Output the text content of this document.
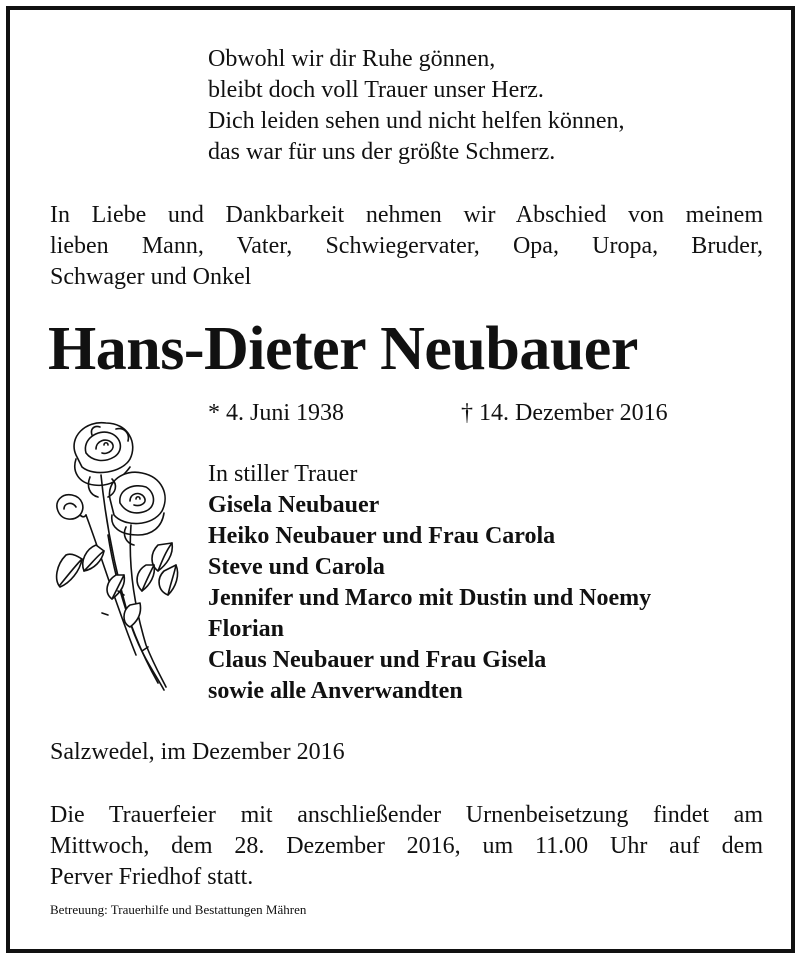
Obwohl wir dir Ruhe gönnen,
bleibt doch voll Trauer unser Herz.
Dich leiden sehen und nicht helfen können,
das war für uns der größte Schmerz.
In Liebe und Dankbarkeit nehmen wir Abschied von meinem
lieben Mann, Vater, Schwiegervater, Opa, Uropa, Bruder,
Schwager und Onkel
Hans-Dieter Neubauer
* 4. Juni 1938	† 14. Dezember 2016
In stiller Trauer
Gisela Neubauer
Heiko Neubauer und Frau Carola
Steve und Carola
Jennifer und Marco mit Dustin und Noemy
Florian
Claus Neubauer und Frau Gisela
sowie alle Anverwandten
Salzwedel, im Dezember 2016
Die Trauerfeier mit anschließender Urnenbeisetzung findet am
Mittwoch, dem 28. Dezember 2016, um 11.00 Uhr auf dem
Perver Friedhof statt.
Betreuung: Trauerhilfe und Bestattungen Mähren
